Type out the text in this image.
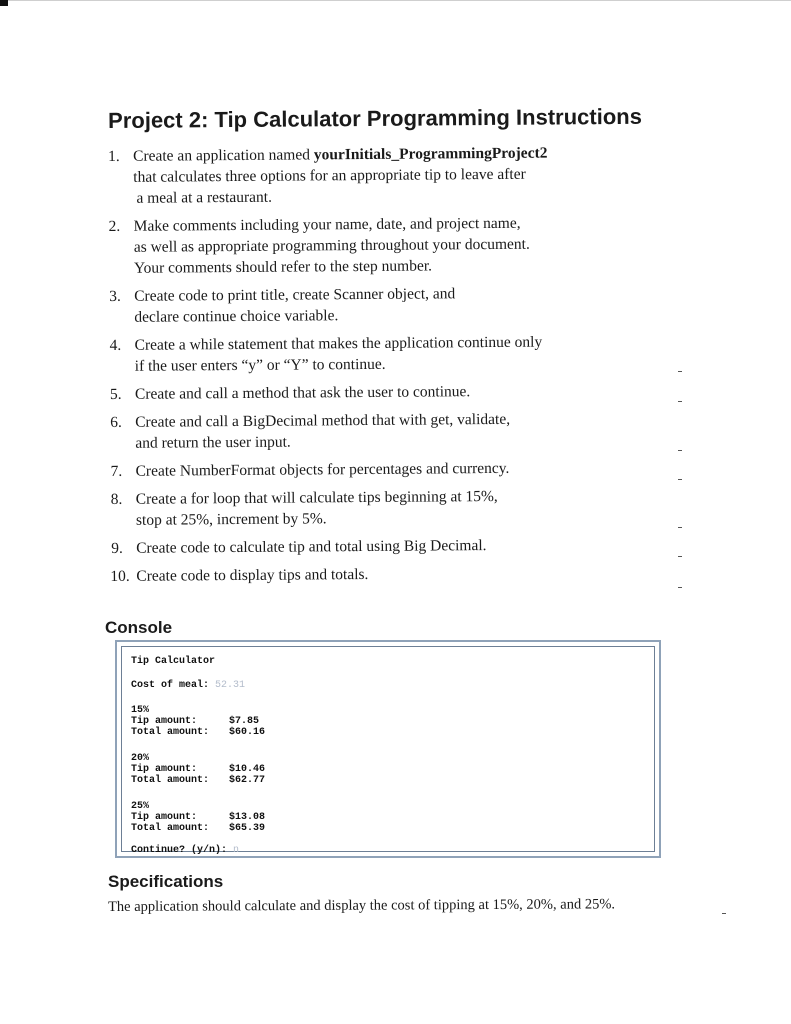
Project 2: Tip Calculator Programming Instructions
1. Create an application named yourInitials_ProgrammingProject2
that calculates three options for an appropriate tip to leave after
a meal at a restaurant.
2. Make comments including your name, date, and project name,
as well as appropriate programming throughout your document.
Your comments should refer to the step number.
3. Create code to print title, create Scanner object, and
declare continue choice variable.
4. Create a while statement that makes the application continue only
if the user enters “y” or “Y” to continue.
5. Create and call a method that ask the user to continue.
6. Create and call a BigDecimal method that with get, validate,
and return the user input.
7. Create NumberFormat objects for percentages and currency.
8. Create a for loop that will calculate tips beginning at 15%,
stop at 25%, increment by 5%.
9. Create code to calculate tip and total using Big Decimal.
10. Create code to display tips and totals.
Console
Tip Calculator
Cost of meal: 52.31
15%
Tip amount:	$7.85
Total amount: $60.16
20%
Tip amount:	$10.46
Total amount: $62.77
25%
Tip amount:	$13.08
Total amount: $65.39
Continue? (y/n): n
Specifications
The application should calculate and display the cost of tipping at 15%, 20%, and 25%.
